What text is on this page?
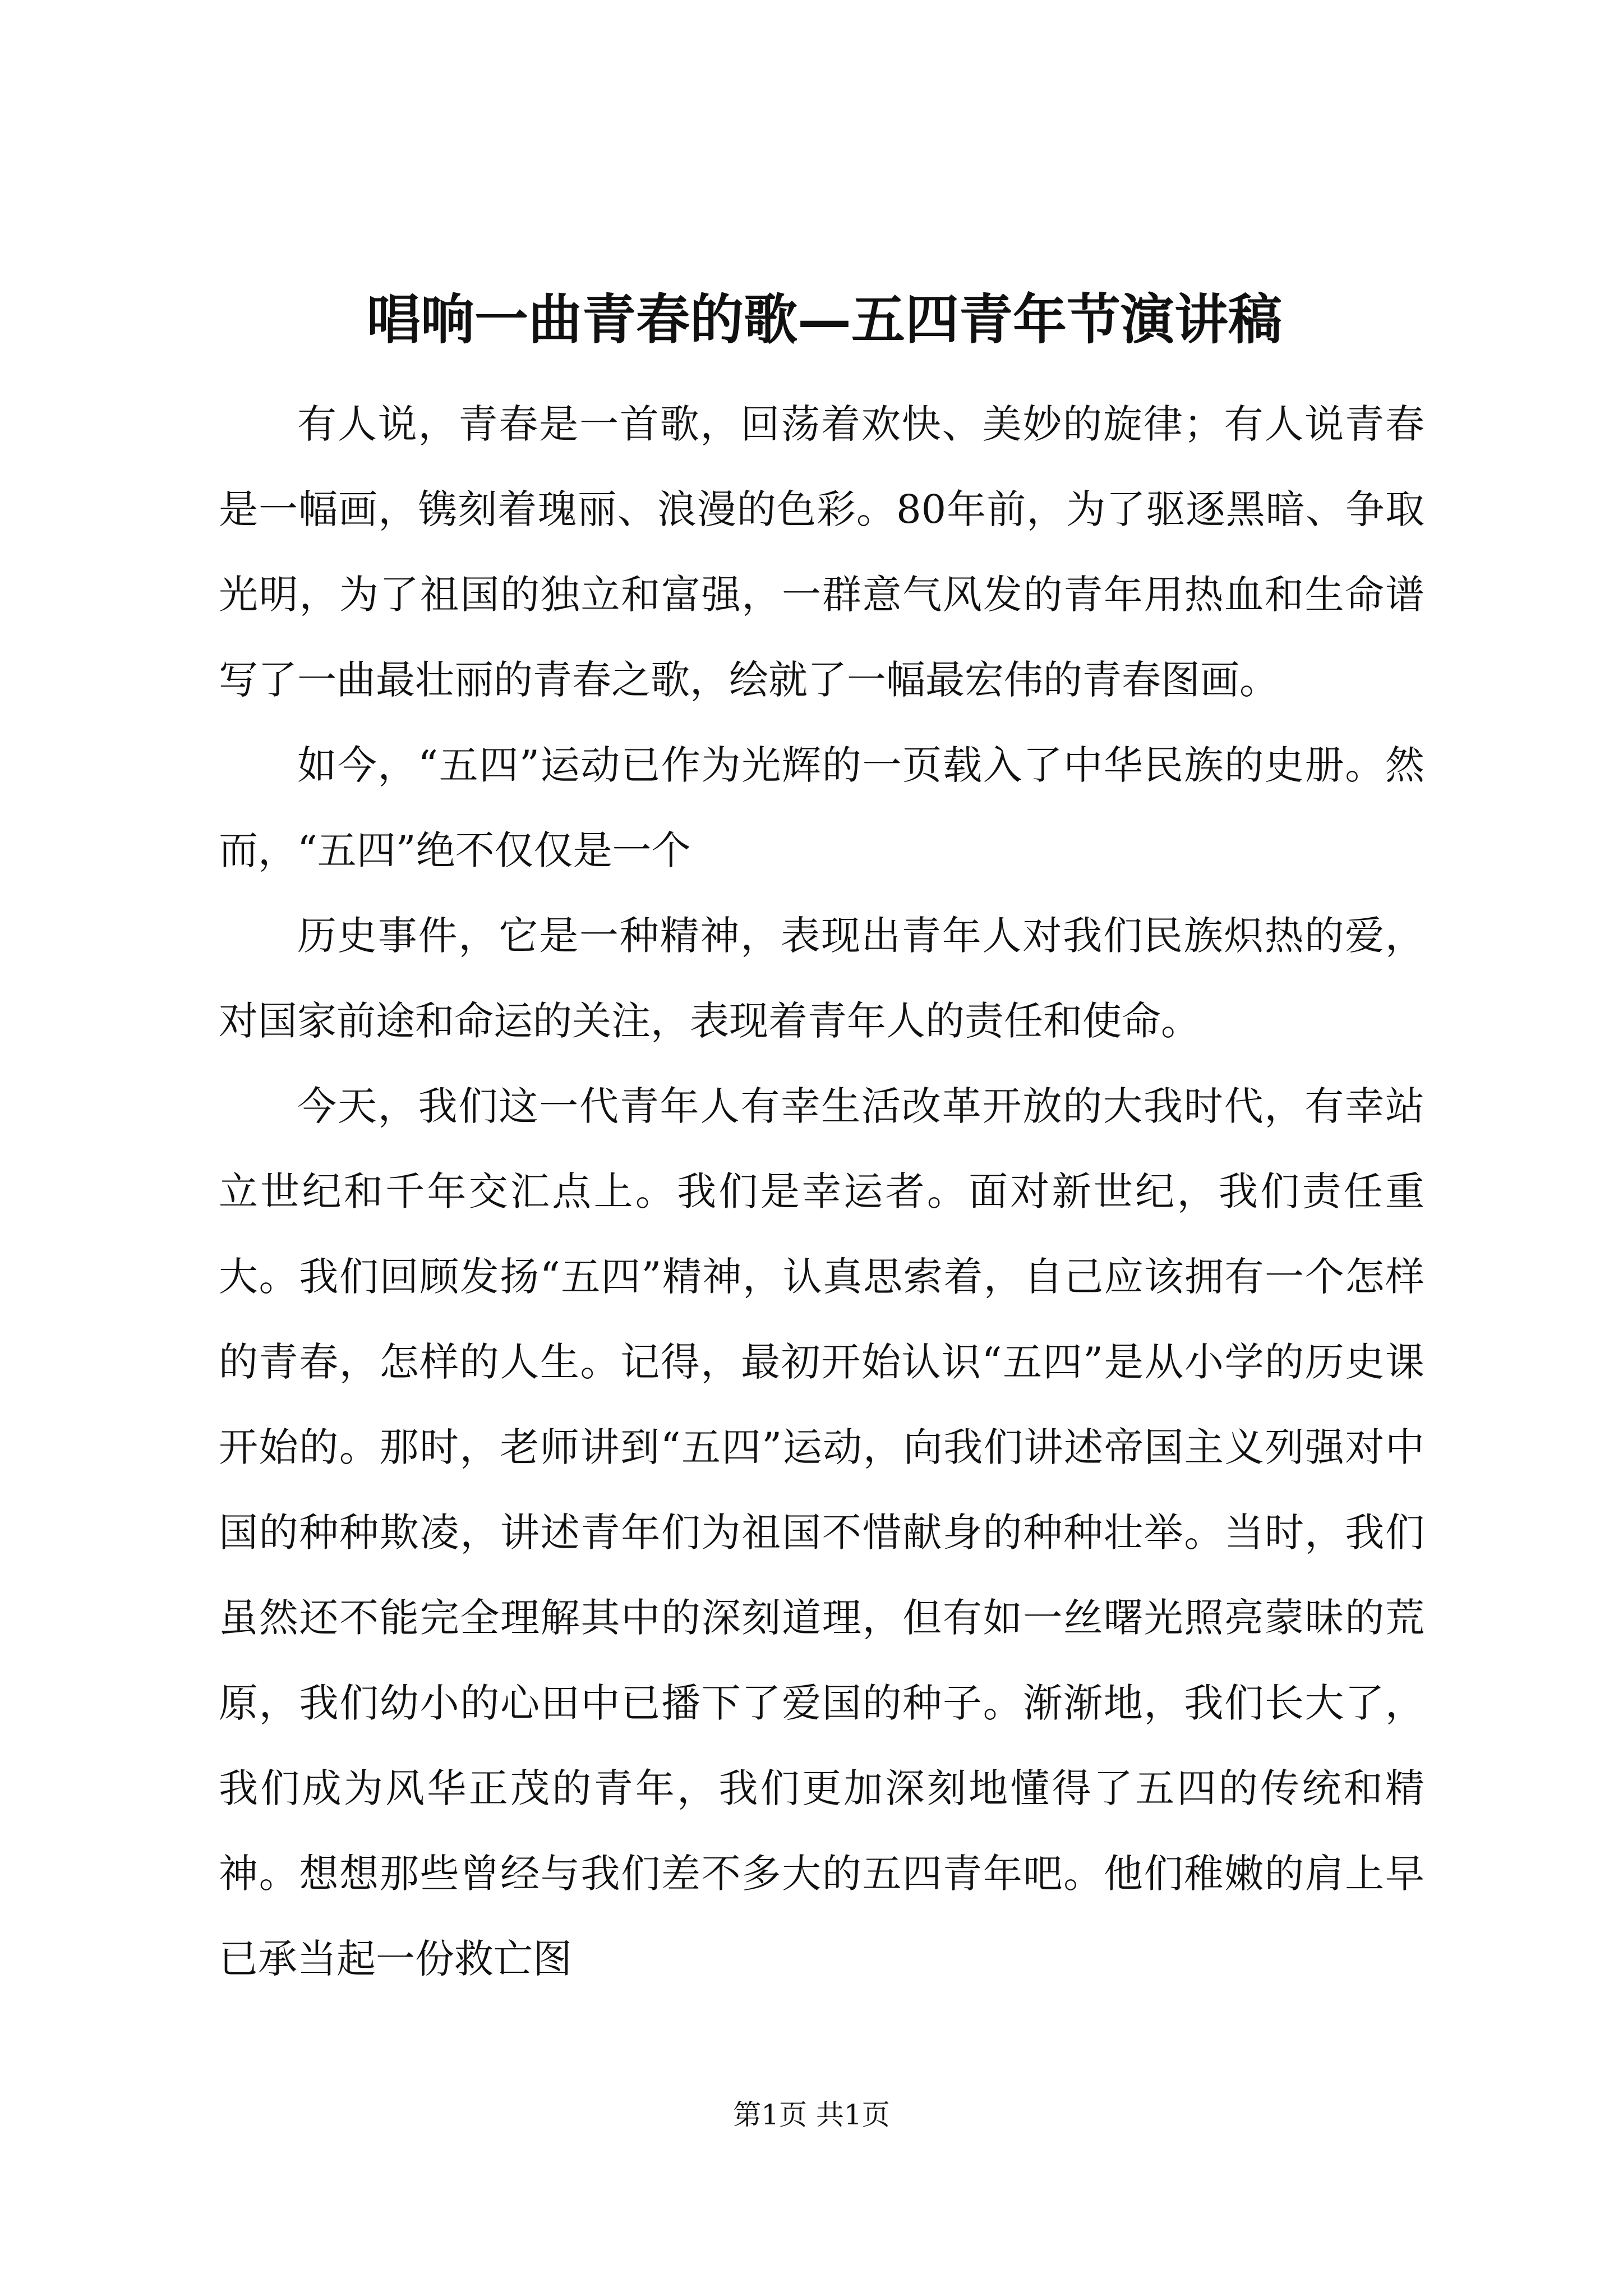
唱响一曲青春的歌—五四青年节演讲稿

有人说，青春是一首歌，回荡着欢快、美妙的旋律；有人说青春是一幅画，镌刻着瑰丽、浪漫的色彩。80年前，为了驱逐黑暗、争取光明，为了祖国的独立和富强，一群意气风发的青年用热血和生命谱写了一曲最壮丽的青春之歌，绘就了一幅最宏伟的青春图画。

如今，“五四”运动已作为光辉的一页载入了中华民族的史册。然而，“五四”绝不仅仅是一个

历史事件，它是一种精神，表现出青年人对我们民族炽热的爱，对国家前途和命运的关注，表现着青年人的责任和使命。

今天，我们这一代青年人有幸生活改革开放的大我时代，有幸站立世纪和千年交汇点上。我们是幸运者。面对新世纪，我们责任重大。我们回顾发扬“五四”精神，认真思索着，自己应该拥有一个怎样的青春，怎样的人生。记得，最初开始认识“五四”是从小学的历史课开始的。那时，老师讲到“五四”运动，向我们讲述帝国主义列强对中国的种种欺凌，讲述青年们为祖国不惜献身的种种壮举。当时，我们虽然还不能完全理解其中的深刻道理，但有如一丝曙光照亮蒙昧的荒原，我们幼小的心田中已播下了爱国的种子。渐渐地，我们长大了，我们成为风华正茂的青年，我们更加深刻地懂得了五四的传统和精神。想想那些曾经与我们差不多大的五四青年吧。他们稚嫩的肩上早已承当起一份救亡图

第1页 共1页
